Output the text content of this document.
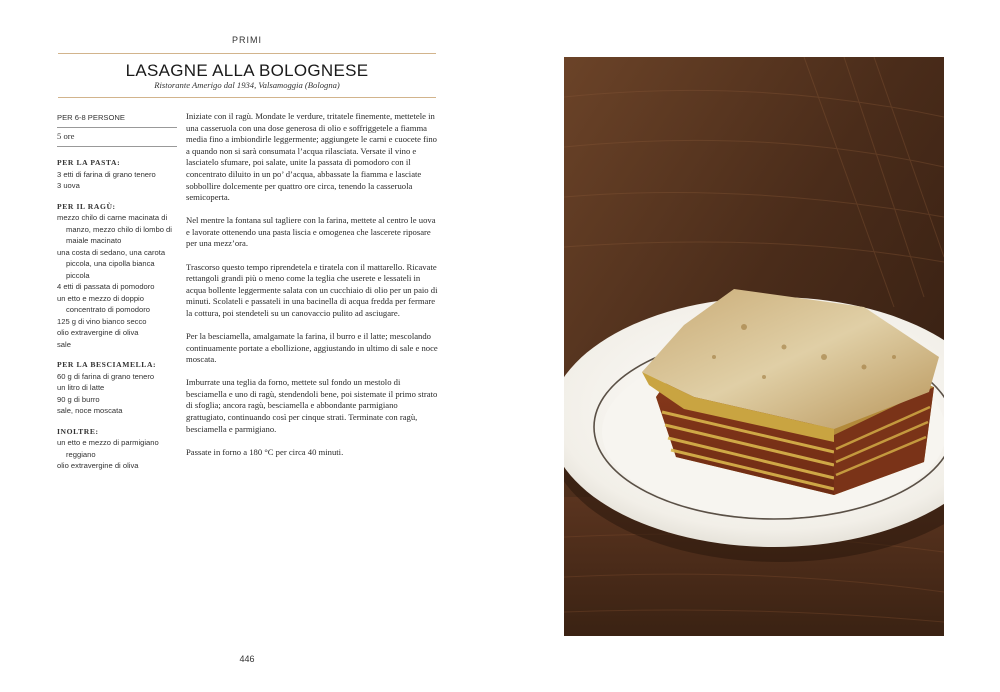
PRIMI
LASAGNE ALLA BOLOGNESE
Ristorante Amerigo dal 1934, Valsamoggia (Bologna)
PER 6-8 PERSONE
5 ore
PER LA PASTA:
3 etti di farina di grano tenero
3 uova
PER IL RAGÙ:
mezzo chilo di carne macinata di manzo, mezzo chilo di lombo di maiale macinato
una costa di sedano, una carota piccola, una cipolla bianca piccola
4 etti di passata di pomodoro
un etto e mezzo di doppio concentrato di pomodoro
125 g di vino bianco secco
olio extravergine di oliva
sale
PER LA BESCIAMELLA:
60 g di farina di grano tenero
un litro di latte
90 g di burro
sale, noce moscata
INOLTRE:
un etto e mezzo di parmigiano reggiano
olio extravergine di oliva

Iniziate con il ragù. Mondate le verdure, tritatele finemente, mettetele in una casseruola con una dose generosa di olio e soffriggetele a fiamma media fino a imbiondirle leggermente; aggiungete le carni e cuocete fino a quando non si sarà consumata l’acqua rilasciata. Versate il vino e lasciatelo sfumare, poi salate, unite la passata di pomodoro con il concentrato diluito in un po’ d’acqua, abbassate la fiamma e lasciate sobbollire dolcemente per quattro ore circa, tenendo la casseruola semicoperta.

Nel mentre la fontana sul tagliere con la farina, mettete al centro le uova e lavorate ottenendo una pasta liscia e omogenea che lascerete riposare per una mezz’ora.

Trascorso questo tempo riprendetela e tiratela con il mattarello. Ricavate rettangoli grandi più o meno come la teglia che userete e lessateli in acqua bollente leggermente salata con un cucchiaio di olio per un paio di minuti. Scolateli e passateli in una bacinella di acqua fredda per fermare la cottura, poi stendeteli su un canovaccio pulito ad asciugare.

Per la besciamella, amalgamate la farina, il burro e il latte; mescolando continuamente portate a ebollizione, aggiustando in ultimo di sale e noce moscata.

Imburrate una teglia da forno, mettete sul fondo un mestolo di besciamella e uno di ragù, stendendoli bene, poi sistemate il primo strato di sfoglia; ancora ragù, besciamella e abbondante parmigiano grattugiato, continuando così per cinque strati. Terminate con ragù, besciamella e parmigiano.

Passate in forno a 180 °C per circa 40 minuti.

446
